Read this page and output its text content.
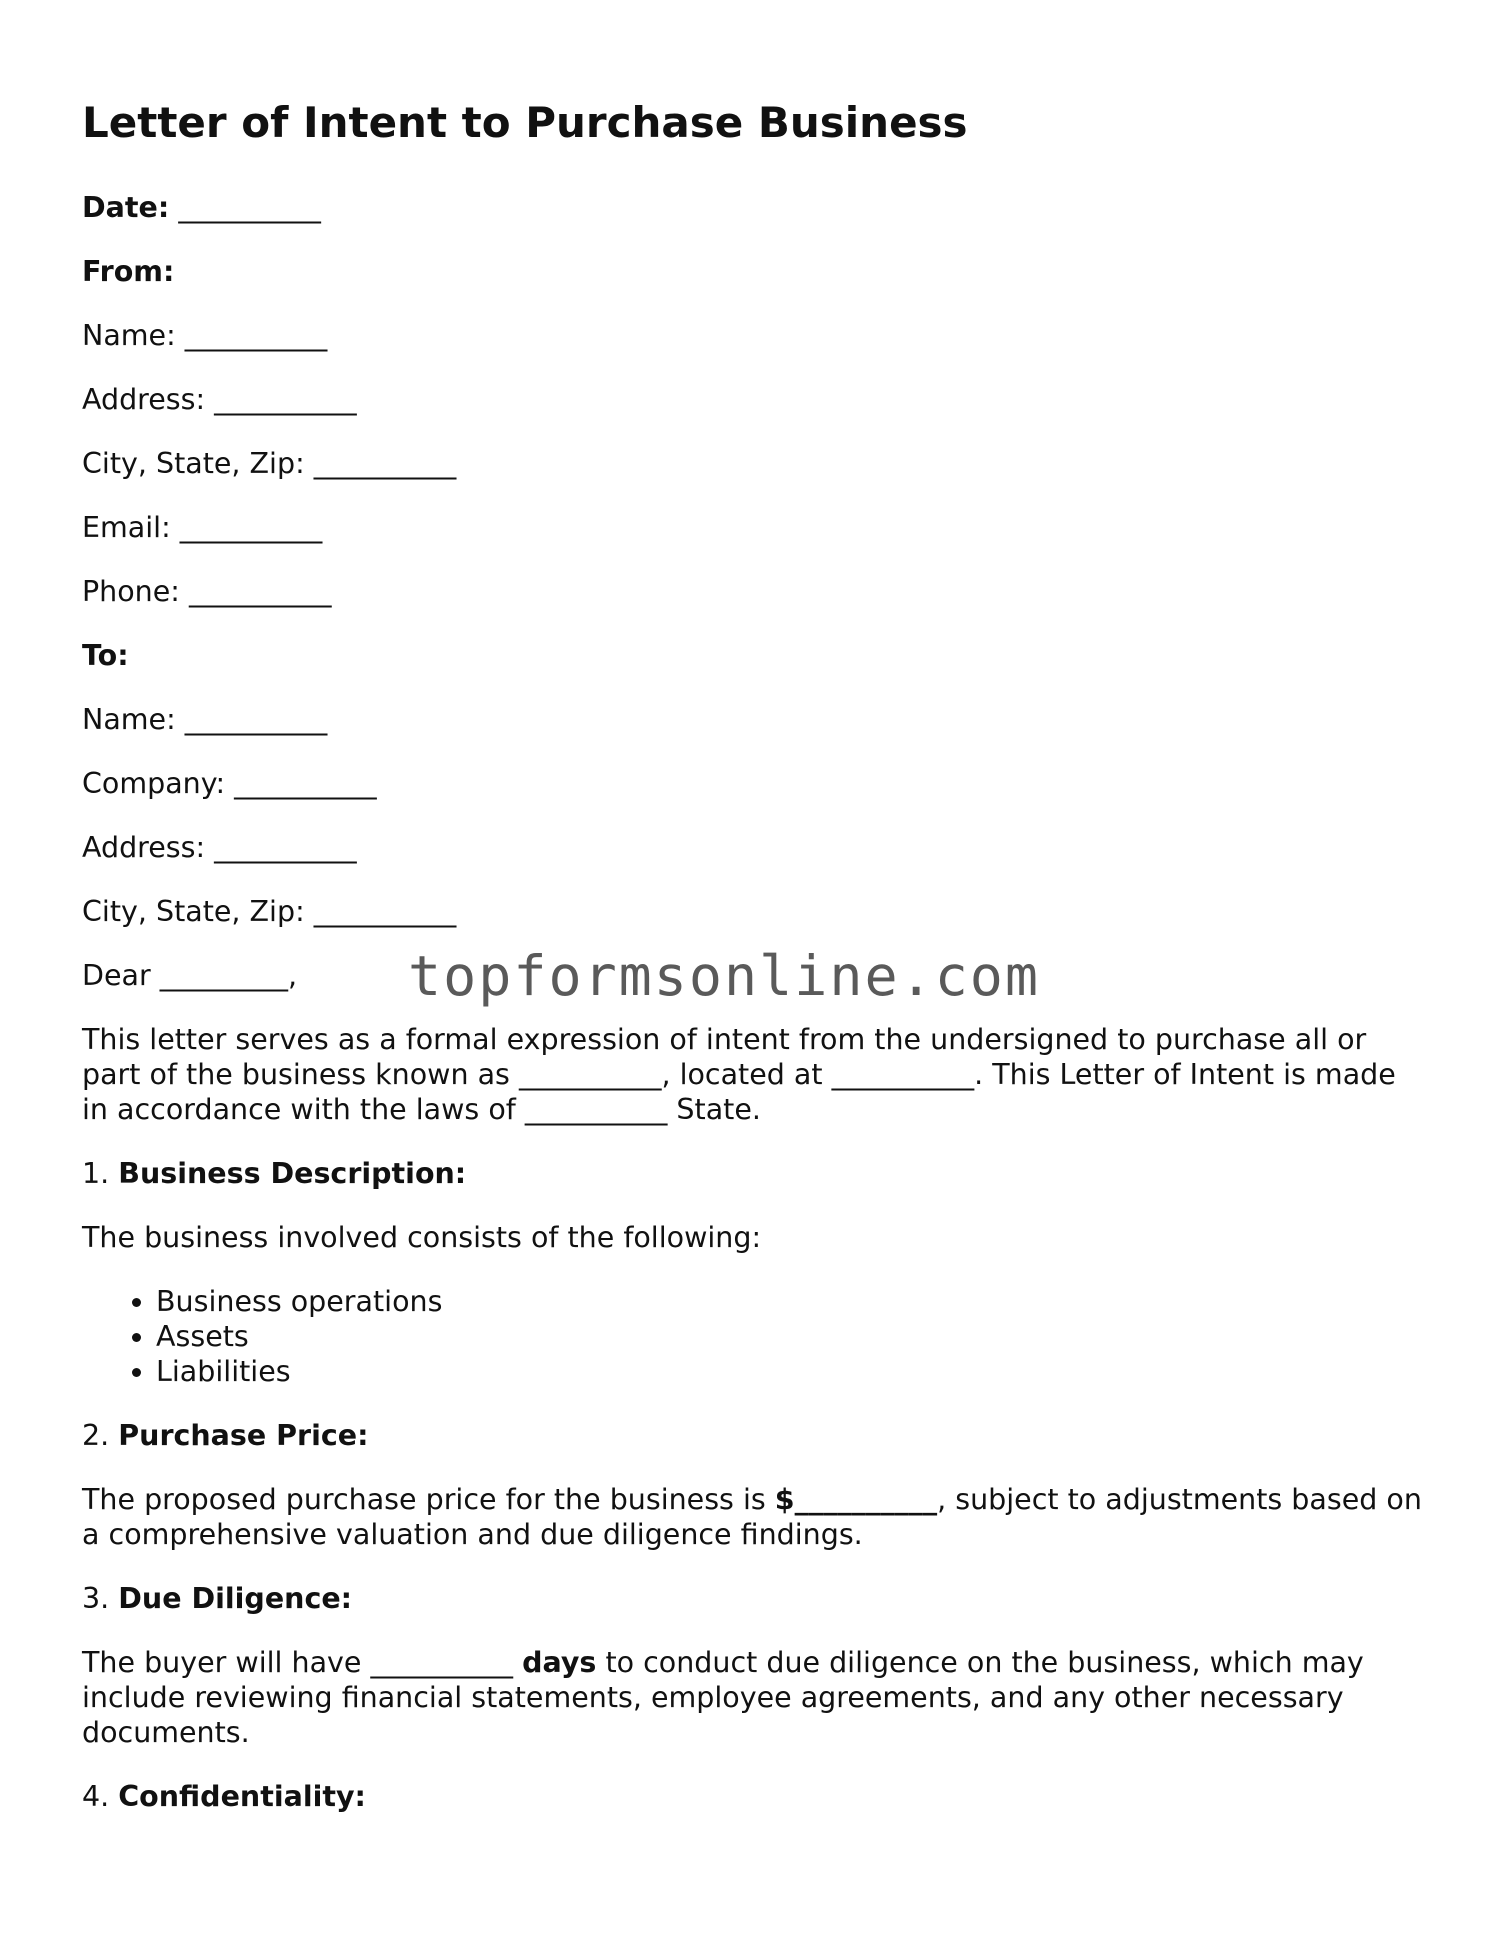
Letter of Intent to Purchase Business

Date: __________

From:

Name: __________

Address: __________

City, State, Zip: __________

Email: __________

Phone: __________

To:

Name: __________

Company: __________

Address: __________

City, State, Zip: __________

Dear _________,

This letter serves as a formal expression of intent from the undersigned to purchase all or part of the business known as __________, located at __________. This Letter of Intent is made in accordance with the laws of __________ State.

1. Business Description:

The business involved consists of the following:

• Business operations
• Assets
• Liabilities

2. Purchase Price:

The proposed purchase price for the business is $__________, subject to adjustments based on a comprehensive valuation and due diligence findings.

3. Due Diligence:

The buyer will have __________ days to conduct due diligence on the business, which may include reviewing financial statements, employee agreements, and any other necessary documents.

4. Confidentiality:

topformsonline.com
